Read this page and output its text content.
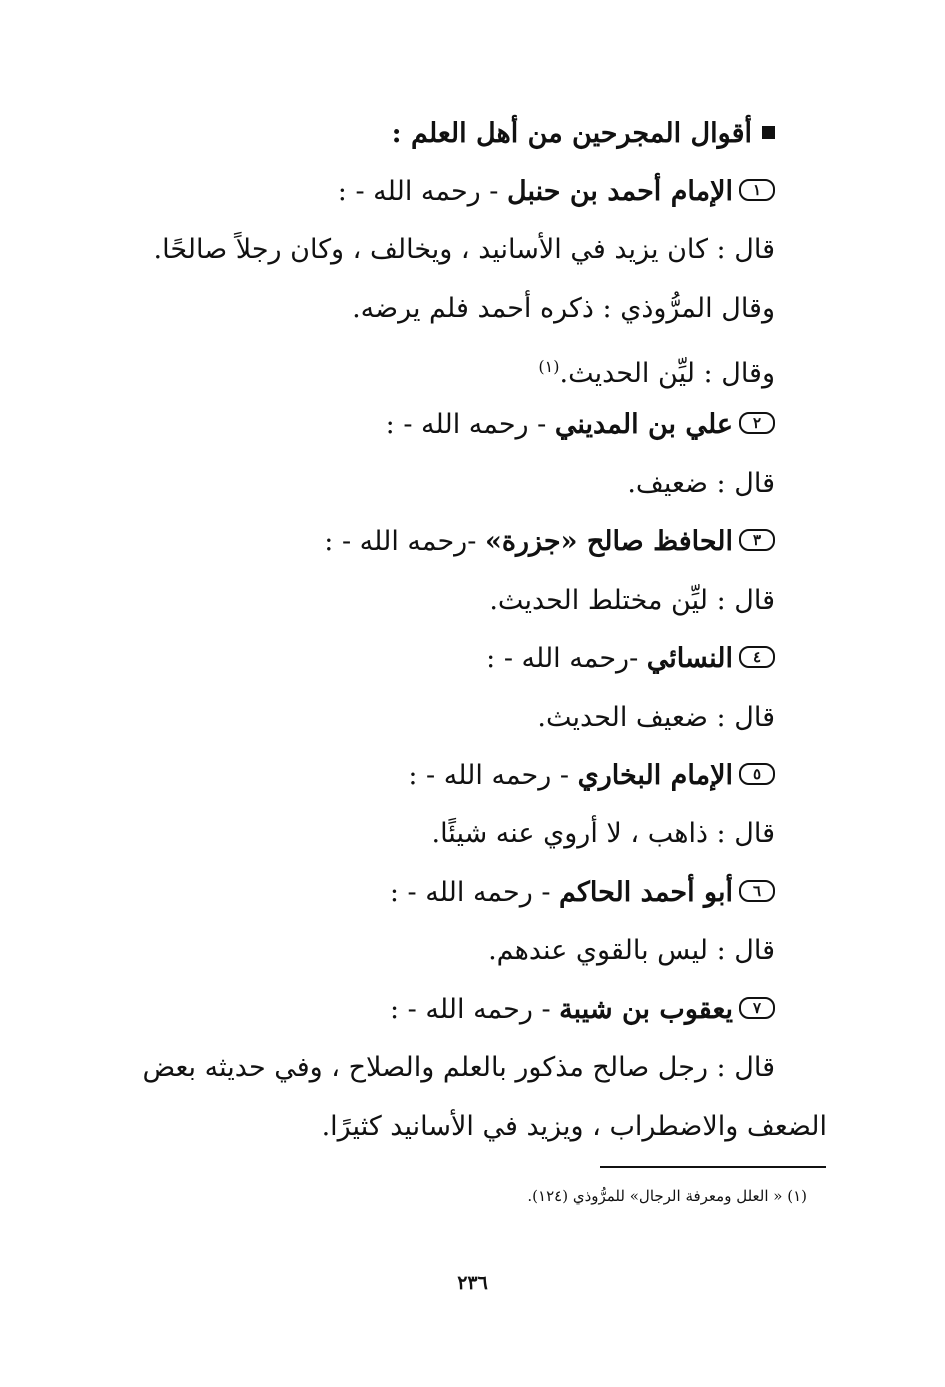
أقوال المجرحين من أهل العلم :
١الإمام أحمد بن حنبل - رحمه الله - :
قال : كان يزيد في الأسانيد ، ويخالف ، وكان رجلاً صالحًا.
وقال المرُّوذي : ذكره أحمد فلم يرضه.
وقال : ليِّن الحديث.$^{(١)}$
٢علي بن المديني - رحمه الله - :
قال : ضعيف.
٣الحافظ صالح «جزرة» -رحمه الله - :
قال : ليِّن مختلط الحديث.
٤النسائي -رحمه الله - :
قال : ضعيف الحديث.
٥الإمام البخاري - رحمه الله - :
قال : ذاهب ، لا أروي عنه شيئًا.
٦أبو أحمد الحاكم - رحمه الله - :
قال : ليس بالقوي عندهم.
٧يعقوب بن شيبة - رحمه الله - :
قال : رجل صالح مذكور بالعلم والصلاح ، وفي حديثه بعض
الضعف والاضطراب ، ويزيد في الأسانيد كثيرًا.
(١) « العلل ومعرفة الرجال» للمرُّوذي (١٢٤).
٢٣٦
